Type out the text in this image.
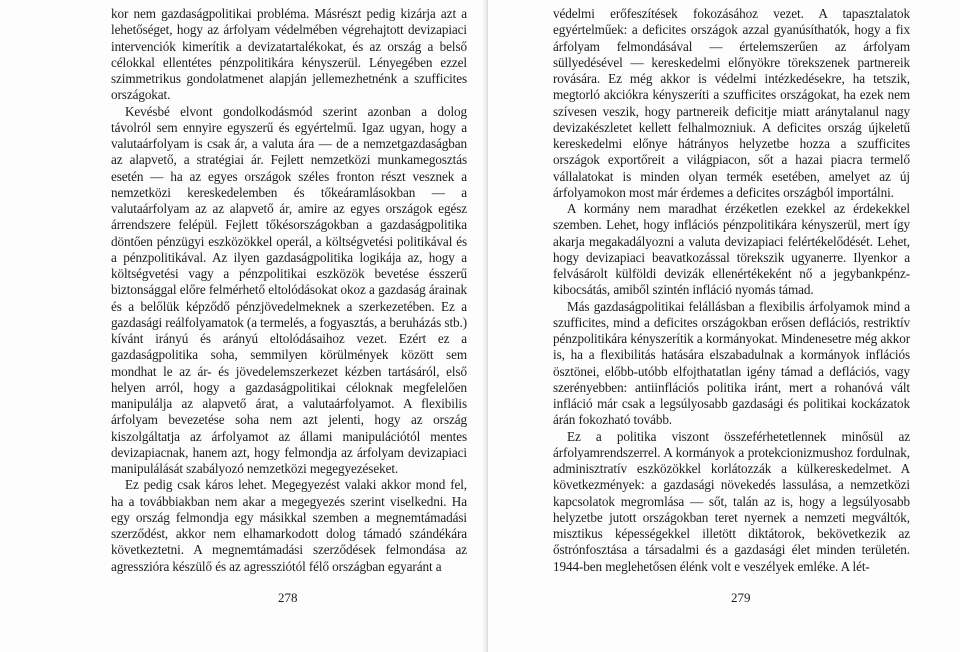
kor nem gazdaságpolitikai probléma. Másrészt pedig kizárja azt a lehetőséget, hogy az árfolyam védelmében végrehajtott devizapiaci intervenciók kimerítik a devizatartalékokat, és az ország a belső célokkal ellentétes pénzpolitikára kényszerül. Lényegében ezzel szimmetrikus gondolatmenet alapján jellemezhetnénk a szufficites országokat.

Kevésbé elvont gondolkodásmód szerint azonban a dolog távolról sem ennyire egyszerű és egyértelmű. Igaz ugyan, hogy a valutaárfolyam is csak ár, a valuta ára — de a nemzetgazdaságban az alapvető, a stratégiai ár. Fejlett nemzetközi munkamegosztás esetén — ha az egyes országok széles fronton részt vesznek a nemzetközi kereskedelemben és tőkeáramlásokban — a valutaárfolyam az az alapvető ár, amire az egyes országok egész árrendszere felépül. Fejlett tőkésországokban a gazdaságpolitika döntően pénzügyi eszközökkel operál, a költségvetési politikával és a pénzpolitikával. Az ilyen gazdaságpolitika logikája az, hogy a költségvetési vagy a pénzpolitikai eszközök bevetése ésszerű biztonsággal előre felmérhető eltolódásokat okoz a gazdaság árainak és a belőlük képződő pénzjövedelmeknek a szerkezetében. Ez a gazdasági reálfolyamatok (a termelés, a fogyasztás, a beruházás stb.) kívánt irányú és arányú eltolódásaihoz vezet. Ezért ez a gazdaságpolitika soha, semmilyen körülmények között sem mondhat le az ár- és jövedelemszerkezet kézben tartásáról, első helyen arról, hogy a gazdaságpolitikai céloknak megfelelően manipulálja az alapvető árat, a valutaárfolyamot. A flexibilis árfolyam bevezetése soha nem azt jelenti, hogy az ország kiszolgáltatja az árfolyamot az állami manipulációtól mentes devizapiacnak, hanem azt, hogy felmondja az árfolyam devizapiaci manipulálását szabályozó nemzetközi megegyezéseket.

Ez pedig csak káros lehet. Megegyezést valaki akkor mond fel, ha a továbbiakban nem akar a megegyezés szerint viselkedni. Ha egy ország felmondja egy másikkal szemben a megnemtámadási szerződést, akkor nem elhamarkodott dolog támadó szándékára következtetni. A megnemtámadási szerződések felmondása az agresszióra készülő és az agressziótól félő országban egyaránt a

278

védelmi erőfeszítések fokozásához vezet. A tapasztalatok egyértelműek: a deficites országok azzal gyanúsíthatók, hogy a fix árfolyam felmondásával — értelemszerűen az árfolyam süllyedésével — kereskedelmi előnyökre törekszenek partnereik rovására. Ez még akkor is védelmi intézkedésekre, ha tetszik, megtorló akciókra kényszeríti a szufficites országokat, ha ezek nem szívesen veszik, hogy partnereik deficitje miatt aránytalanul nagy devizakészletet kellett felhalmozniuk. A deficites ország újkeletű kereskedelmi előnye hátrányos helyzetbe hozza a szufficites országok exportőreit a világpiacon, sőt a hazai piacra termelő vállalatokat is minden olyan termék esetében, amelyet az új árfolyamokon most már érdemes a deficites országból importálni.

A kormány nem maradhat érzéketlen ezekkel az érdekekkel szemben. Lehet, hogy inflációs pénzpolitikára kényszerül, mert így akarja megakadályozni a valuta devizapiaci felértékelődését. Lehet, hogy devizapiaci beavatkozással törekszik ugyanerre. Ilyenkor a felvásárolt külföldi devizák ellenértékeként nő a jegybankpénz-kibocsátás, amiből szintén infláció nyomás támad.

Más gazdaságpolitikai felállásban a flexibilis árfolyamok mind a szufficites, mind a deficites országokban erősen deflációs, restriktív pénzpolitikára kényszerítik a kormányokat. Mindenesetre még akkor is, ha a flexibilitás hatására elszabadulnak a kormányok inflációs ösztönei, előbb-utóbb elfojthatatlan igény támad a deflációs, vagy szerényebben: antiinflációs politika iránt, mert a rohanóvá vált infláció már csak a legsúlyosabb gazdasági és politikai kockázatok árán fokozható tovább.

Ez a politika viszont összeférhetetlennek minősül az árfolyamrendszerrel. A kormányok a protekcionizmushoz fordulnak, adminisztratív eszközökkel korlátozzák a külkereskedelmet. A következmények: a gazdasági növekedés lassulása, a nemzetközi kapcsolatok megromlása — sőt, talán az is, hogy a legsúlyosabb helyzetbe jutott országokban teret nyernek a nemzeti megváltók, misztikus képességekkel illetött diktátorok, bekövetkezik az őstrónfosztása a társadalmi és a gazdasági élet minden területén. 1944-ben meglehetősen élénk volt e veszélyek emléke. A lét-

279
